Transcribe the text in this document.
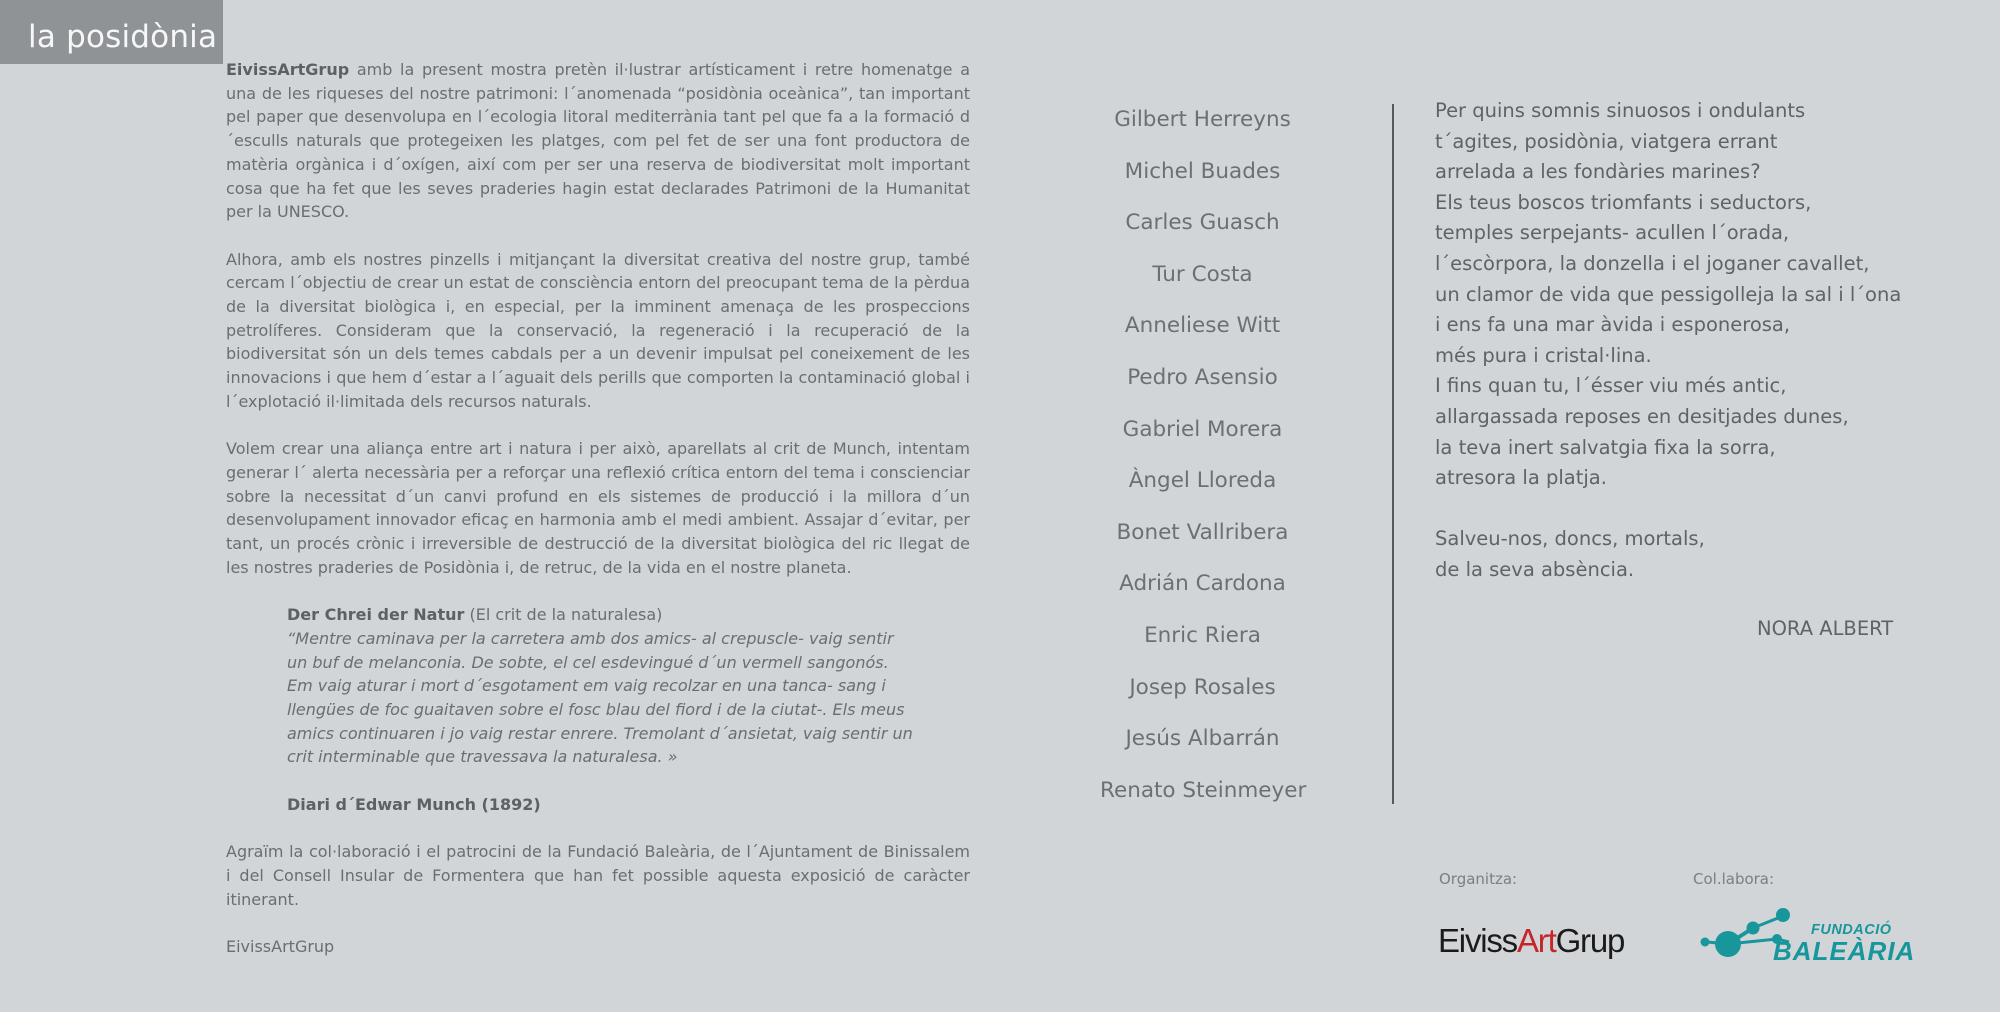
la posidònia

EivissArtGrup amb la present mostra pretèn il·lustrar artísticament i retre homenatge a una de les riqueses del nostre patrimoni: l´anomenada “posidònia oceànica”, tan important pel paper que desenvolupa en l´ecologia litoral mediterrània tant pel que fa a la formació d´esculls naturals que protegeixen les platges, com pel fet de ser una font productora de matèria orgànica i d´oxígen, així com per ser una reserva de biodiversitat molt important cosa que ha fet que les seves praderies hagin estat declarades Patrimoni de la Humanitat per la UNESCO.

Alhora, amb els nostres pinzells i mitjançant la diversitat creativa del nostre grup, també cercam l´objectiu de crear un estat de consciència entorn del preocupant tema de la pèrdua de la diversitat biològica i, en especial, per la imminent amenaça de les prospeccions petrolíferes. Consideram que la conservació, la regeneració i la recuperació de la biodiversitat són un dels temes cabdals per a un devenir impulsat pel coneixement de les innovacions i que hem d´estar a l´aguait dels perills que comporten la contaminació global i l´explotació il·limitada dels recursos naturals.

Volem crear una aliança entre art i natura i per això, aparellats al crit de Munch, intentam generar l´ alerta necessària per a reforçar una reflexió crítica entorn del tema i conscienciar sobre la necessitat d´un canvi profund en els sistemes de producció i la millora d´un desenvolupament innovador eficaç en harmonia amb el medi ambient. Assajar d´evitar, per tant, un procés crònic i irreversible de destrucció de la diversitat biològica del ric llegat de les nostres praderies de Posidònia i, de retruc, de la vida en el nostre planeta.

Der Chrei der Natur (El crit de la naturalesa)
“Mentre caminava per la carretera amb dos amics- al crepuscle- vaig sentir un buf de melanconia. De sobte, el cel esdevingué d´un vermell sangonós. Em vaig aturar i mort d´esgotament em vaig recolzar en una tanca- sang i llengües de foc guaitaven sobre el fosc blau del fiord i de la ciutat-. Els meus amics continuaren i jo vaig restar enrere. Tremolant d´ansietat, vaig sentir un crit interminable que travessava la naturalesa. »
Diari d´Edwar Munch (1892)

Agraïm la col·laboració i el patrocini de la Fundació Baleària, de l´Ajuntament de Binissalem i del Consell Insular de Formentera que han fet possible aquesta exposició de caràcter itinerant.

EivissArtGrup

Gilbert Herreyns
Michel Buades
Carles Guasch
Tur Costa
Anneliese Witt
Pedro Asensio
Gabriel Morera
Àngel Lloreda
Bonet Vallribera
Adrián Cardona
Enric Riera
Josep Rosales
Jesús Albarrán
Renato Steinmeyer
Per quins somnis sinuosos i ondulants
t´agites, posidònia, viatgera errant
arrelada a les fondàries marines?
Els teus boscos triomfants i seductors,
temples serpejants- acullen l´orada,
l´escòrpora, la donzella i el joganer cavallet,
un clamor de vida que pessigolleja la sal i l´ona
i ens fa una mar àvida i esponerosa,
més pura i cristal·lina.
I fins quan tu, l´ésser viu més antic,
allargassada reposes en desitjades dunes,
la teva inert salvatgia fixa la sorra,
atresora la platja.
Salveu-nos, doncs, mortals,
de la seva absència.
NORA ALBERT
Organitza:	Col.labora:
EivissArtGrup	FUNDACIÓ
BALEÀRIA
